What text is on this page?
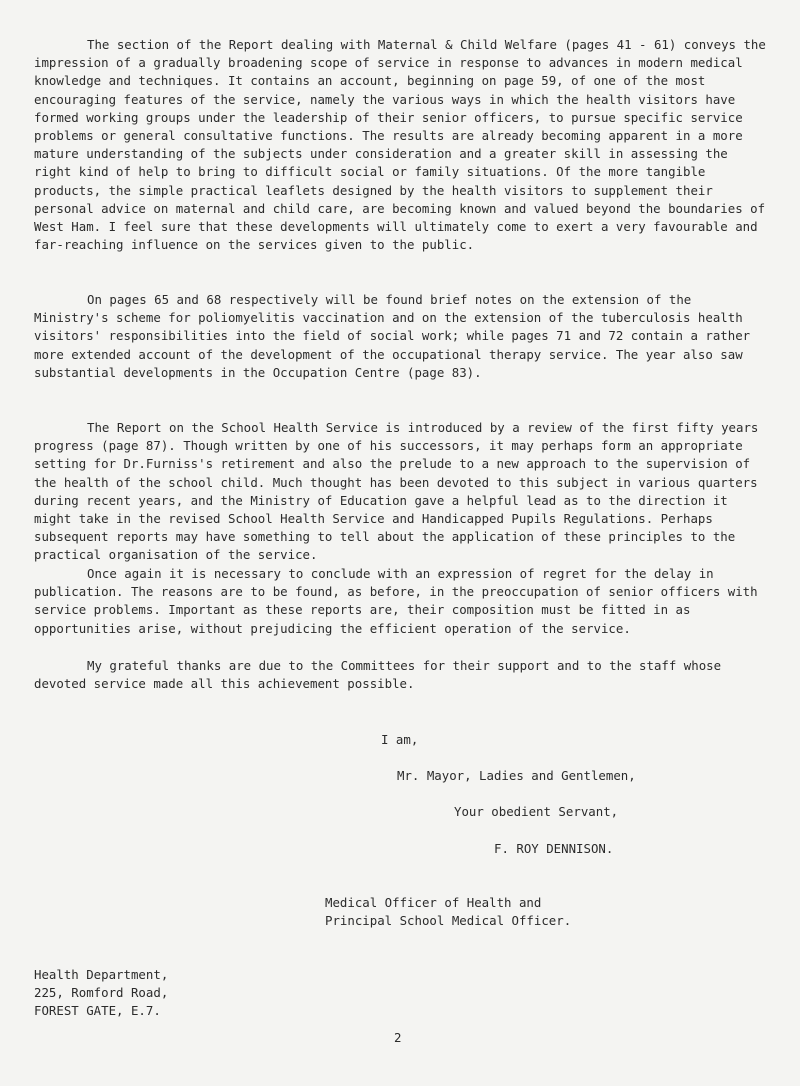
The section of the Report dealing with Maternal & Child Welfare (pages 41 - 61) conveys the impression of a gradually broadening scope of service in response to advances in modern medical knowledge and techniques. It contains an account, beginning on page 59, of one of the most encouraging features of the service, namely the various ways in which the health visitors have formed working groups under the leadership of their senior officers, to pursue specific service problems or general consultative functions. The results are already becoming apparent in a more mature understanding of the subjects under consideration and a greater skill in assessing the right kind of help to bring to difficult social or family situations. Of the more tangible products, the simple practical leaflets designed by the health visitors to supplement their personal advice on maternal and child care, are becoming known and valued beyond the boundaries of West Ham. I feel sure that these developments will ultimately come to exert a very favourable and far-reaching influence on the services given to the public.

On pages 65 and 68 respectively will be found brief notes on the extension of the Ministry's scheme for poliomyelitis vaccination and on the extension of the tuberculosis health visitors' responsibilities into the field of social work; while pages 71 and 72 contain a rather more extended account of the development of the occupational therapy service. The year also saw substantial developments in the Occupation Centre (page 83).

The Report on the School Health Service is introduced by a review of the first fifty years progress (page 87). Though written by one of his successors, it may perhaps form an appropriate setting for Dr.Furniss's retirement and also the prelude to a new approach to the supervision of the health of the school child. Much thought has been devoted to this subject in various quarters during recent years, and the Ministry of Education gave a helpful lead as to the direction it might take in the revised School Health Service and Handicapped Pupils Regulations. Perhaps subsequent reports may have something to tell about the application of these principles to the practical organisation of the service.

Once again it is necessary to conclude with an expression of regret for the delay in publication. The reasons are to be found, as before, in the preoccupation of senior officers with service problems. Important as these reports are, their composition must be fitted in as opportunities arise, without prejudicing the efficient operation of the service.

My grateful thanks are due to the Committees for their support and to the staff whose devoted service made all this achievement possible.

I am,

Mr. Mayor, Ladies and Gentlemen,

Your obedient Servant,

F. ROY DENNISON.

Medical Officer of Health and

Principal School Medical Officer.

Health Department,

225, Romford Road,

FOREST GATE, E.7.

2
